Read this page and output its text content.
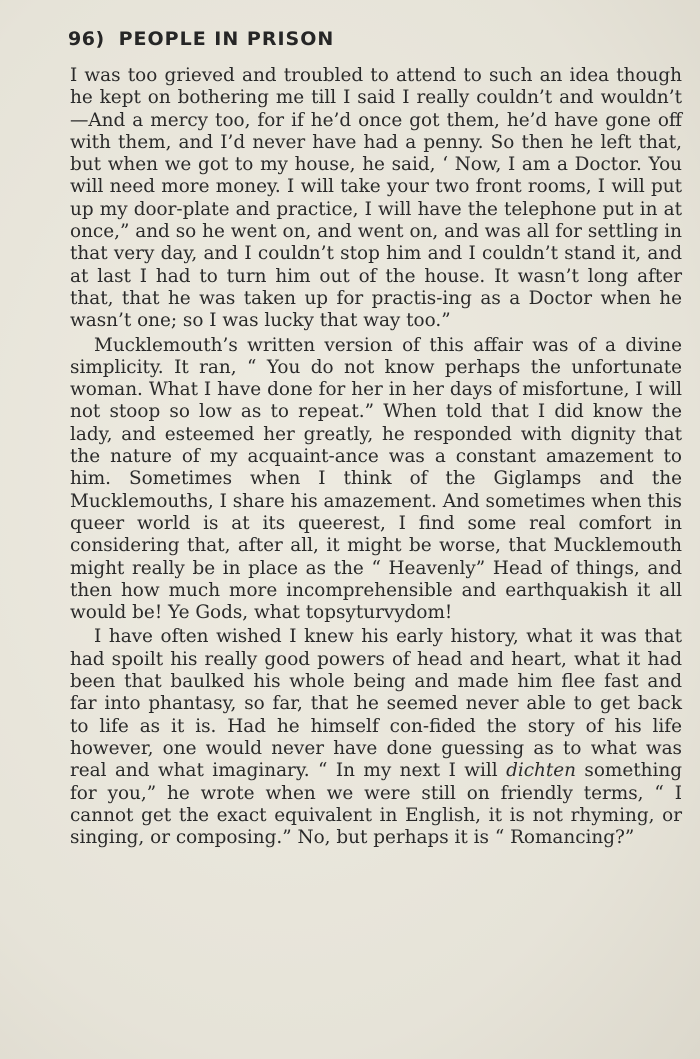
96) PEOPLE IN PRISON

I was too grieved and troubled to attend to such an idea though he kept on bothering me till I said I really couldn’t and wouldn’t—And a mercy too, for if he’d once got them, he’d have gone off with them, and I’d never have had a penny. So then he left that, but when we got to my house, he said, ‘ Now, I am a Doctor. You will need more money. I will take your two front rooms, I will put up my door-plate and practice, I will have the telephone put in at once,” and so he went on, and went on, and was all for settling in that very day, and I couldn’t stop him and I couldn’t stand it, and at last I had to turn him out of the house. It wasn’t long after that, that he was taken up for practis-ing as a Doctor when he wasn’t one; so I was lucky that way too.”

Mucklemouth’s written version of this affair was of a divine simplicity. It ran, “ You do not know perhaps the unfortunate woman. What I have done for her in her days of misfortune, I will not stoop so low as to repeat.” When told that I did know the lady, and esteemed her greatly, he responded with dignity that the nature of my acquaint-ance was a constant amazement to him. Sometimes when I think of the Giglamps and the Mucklemouths, I share his amazement. And sometimes when this queer world is at its queerest, I find some real comfort in considering that, after all, it might be worse, that Mucklemouth might really be in place as the “ Heavenly” Head of things, and then how much more incomprehensible and earthquakish it all would be! Ye Gods, what topsyturvydom!

I have often wished I knew his early history, what it was that had spoilt his really good powers of head and heart, what it had been that baulked his whole being and made him flee fast and far into phantasy, so far, that he seemed never able to get back to life as it is. Had he himself con-fided the story of his life however, one would never have done guessing as to what was real and what imaginary. “ In my next I will dichten something for you,” he wrote when we were still on friendly terms, “ I cannot get the exact equivalent in English, it is not rhyming, or singing, or composing.” No, but perhaps it is “ Romancing?”
